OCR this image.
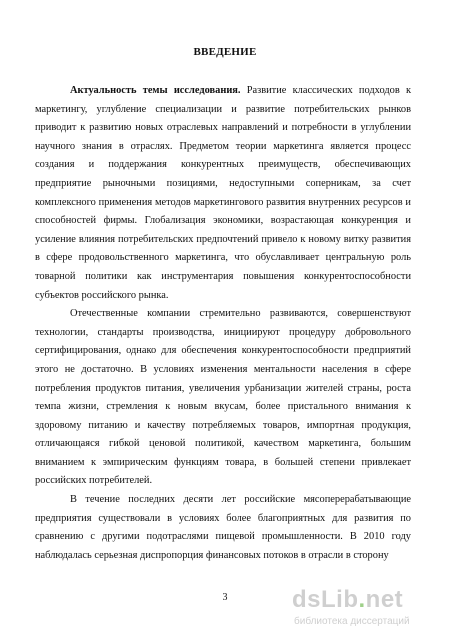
ВВЕДЕНИЕ

Актуальность темы исследования. Развитие классических подходов к маркетингу, углубление специализации и развитие потребительских рынков приводит к развитию новых отраслевых направлений и потребности в углублении научного знания в отраслях. Предметом теории маркетинга является процесс создания и поддержания конкурентных преимуществ, обеспечивающих предприятие рыночными позициями, недоступными соперникам, за счет комплексного применения методов маркетингового развития внутренних ресурсов и способностей фирмы. Глобализация экономики, возрастающая конкуренция и усиление влияния потребительских предпочтений привело к новому витку развития в сфере продовольственного маркетинга, что обуславливает центральную роль товарной политики как инструментария повышения конкурентоспособности субъектов российского рынка.

Отечественные компании стремительно развиваются, совершенствуют технологии, стандарты производства, инициируют процедуру добровольного сертифицирования, однако для обеспечения конкурентоспособности предприятий этого не достаточно. В условиях изменения ментальности населения в сфере потребления продуктов питания, увеличения урбанизации жителей страны, роста темпа жизни, стремления к новым вкусам, более пристального внимания к здоровому питанию и качеству потребляемых товаров, импортная продукция, отличающаяся гибкой ценовой политикой, качеством маркетинга, большим вниманием к эмпирическим функциям товара, в большей степени привлекает российских потребителей.

В течение последних десяти лет российские мясоперерабатывающие предприятия существовали в условиях более благоприятных для развития по сравнению с другими подотраслями пищевой промышленности. В 2010 году наблюдалась серьезная диспропорция финансовых потоков в отрасли в сторону

3	dsLib.net
библиотека диссертаций
